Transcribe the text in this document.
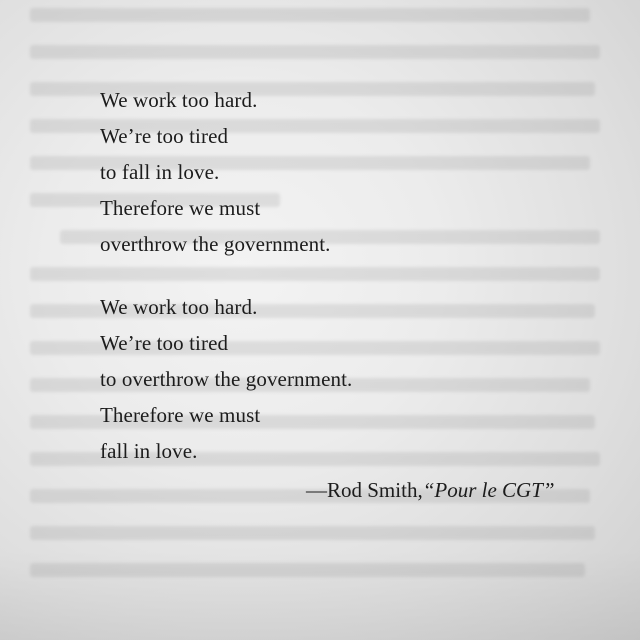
We work too hard.
We’re too tired
to fall in love.
Therefore we must
overthrow the government.

We work too hard.
We’re too tired
to overthrow the government.
Therefore we must
fall in love.

—Rod Smith,“Pour le CGT”
